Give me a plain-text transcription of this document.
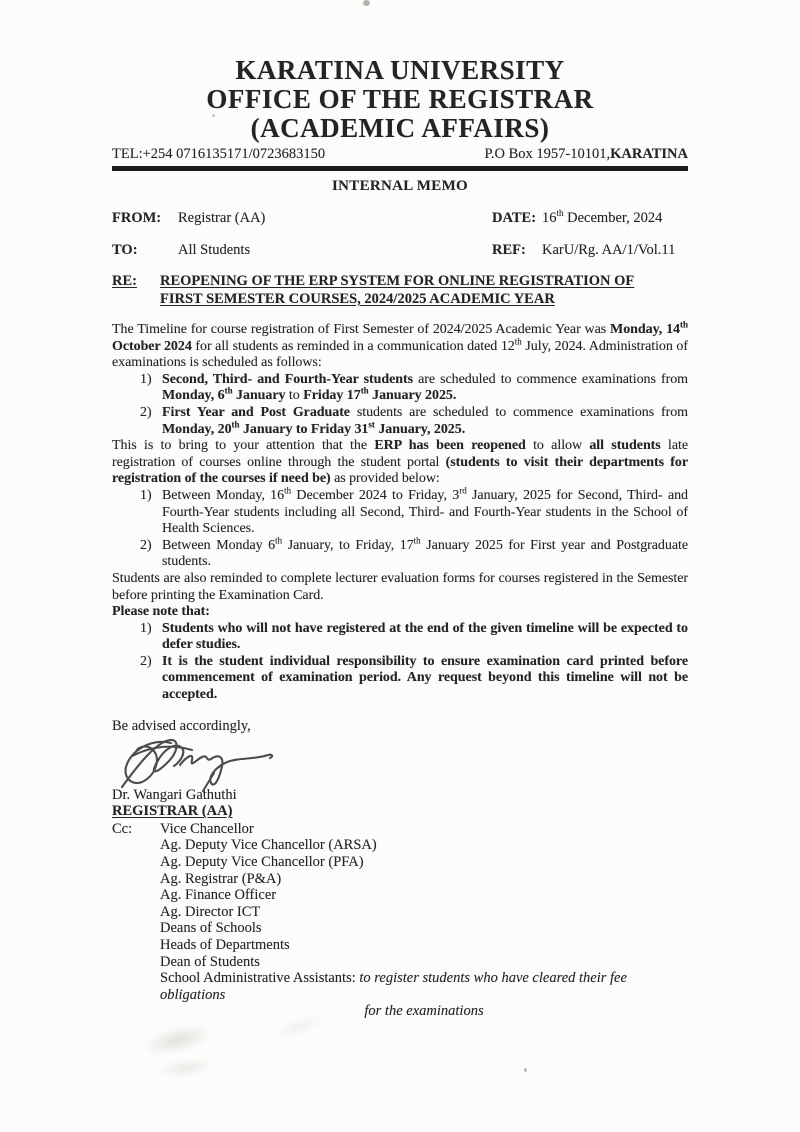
KARATINA UNIVERSITY
OFFICE OF THE REGISTRAR
(ACADEMIC AFFAIRS)
TEL:+254 0716135171/0723683150	P.O Box 1957-10101,KARATINA
INTERNAL MEMO
FROM:	Registrar (AA)	DATE: 16th December, 2024
TO:	All Students	REF:	KarU/Rg. AA/1/Vol.11
RE:	REOPENING OF THE ERP SYSTEM FOR ONLINE REGISTRATION OF
FIRST SEMESTER COURSES, 2024/2025 ACADEMIC YEAR
The Timeline for course registration of First Semester of 2024/2025 Academic Year was Monday, 14th October 2024 for all students as reminded in a communication dated 12th July, 2024. Administration of examinations is scheduled as follows:
1) Second, Third- and Fourth-Year students are scheduled to commence examinations from Monday, 6th January to Friday 17th January 2025.
2) First Year and Post Graduate students are scheduled to commence examinations from Monday, 20th January to Friday 31st January, 2025.
This is to bring to your attention that the ERP has been reopened to allow all students late registration of courses online through the student portal (students to visit their departments for registration of the courses if need be) as provided below:
1) Between Monday, 16th December 2024 to Friday, 3rd January, 2025 for Second, Third- and Fourth-Year students including all Second, Third- and Fourth-Year students in the School of Health Sciences.
2) Between Monday 6th January, to Friday, 17th January 2025 for First year and Postgraduate students.
Students are also reminded to complete lecturer evaluation forms for courses registered in the Semester before printing the Examination Card.
Please note that:
1) Students who will not have registered at the end of the given timeline will be expected to defer studies.
2) It is the student individual responsibility to ensure examination card printed before commencement of examination period. Any request beyond this timeline will not be accepted.
Be advised accordingly,
Dr. Wangari Gathuthi
REGISTRAR (AA)
Cc:	Vice Chancellor
Ag. Deputy Vice Chancellor (ARSA)
Ag. Deputy Vice Chancellor (PFA)
Ag. Registrar (P&A)
Ag. Finance Officer
Ag. Director ICT
Deans of Schools
Heads of Departments
Dean of Students
School Administrative Assistants: to register students who have cleared their fee obligations
for the examinations
